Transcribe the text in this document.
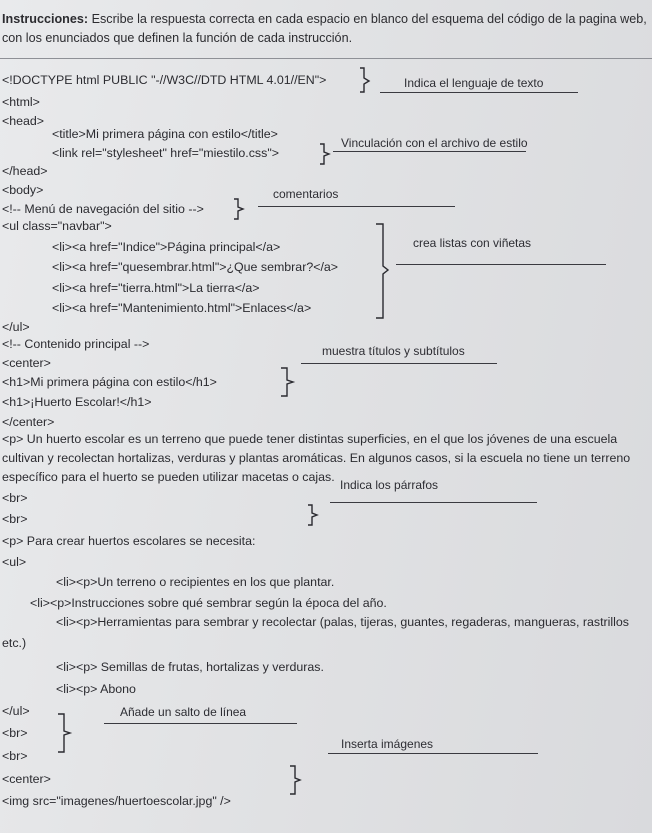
Instrucciones: Escribe la respuesta correcta en cada espacio en blanco del esquema del código de la pagina web, con los enunciados que definen la función de cada instrucción.
<!DOCTYPE html PUBLIC "-//W3C//DTD HTML 4.01//EN">
<html>
<head>
<title>Mi primera página con estilo</title>
<link rel="stylesheet" href="miestilo.css">
</head>
<body>
<!-- Menú de navegación del sitio -->
<ul class="navbar">
<li><a href="Indice">Página principal</a>
<li><a href="quesembrar.html">¿Que sembrar?</a>
<li><a href="tierra.html">La tierra</a>
<li><a href="Mantenimiento.html">Enlaces</a>
</ul>
<!-- Contenido principal -->
<center>
<h1>Mi primera página con estilo</h1>
<h1>¡Huerto Escolar!</h1>
</center>
<p> Un huerto escolar es un terreno que puede tener distintas superficies, en el que los jóvenes de una escuela cultivan y recolectan hortalizas, verduras y plantas aromáticas. En algunos casos, si la escuela no tiene un terreno específico para el huerto se pueden utilizar macetas o cajas.
<br>
<br>
<p> Para crear huertos escolares se necesita:
<ul>
<li><p>Un terreno o recipientes en los que plantar.
<li><p>Instrucciones sobre qué sembrar según la época del año.
<li><p>Herramientas para sembrar y recolectar (palas, tijeras, guantes, regaderas, mangueras, rastrillos etc.)
<li><p> Semillas de frutas, hortalizas y verduras.
<li><p> Abono
</ul>
<br>
<br>
<center>
<img src="imagenes/huertoescolar.jpg" />
Indica el lenguaje de texto
Vinculación con el archivo de estilo
comentarios
crea listas con viñetas
muestra títulos y subtítulos
Indica los párrafos
Añade un salto de línea
Inserta imágenes
